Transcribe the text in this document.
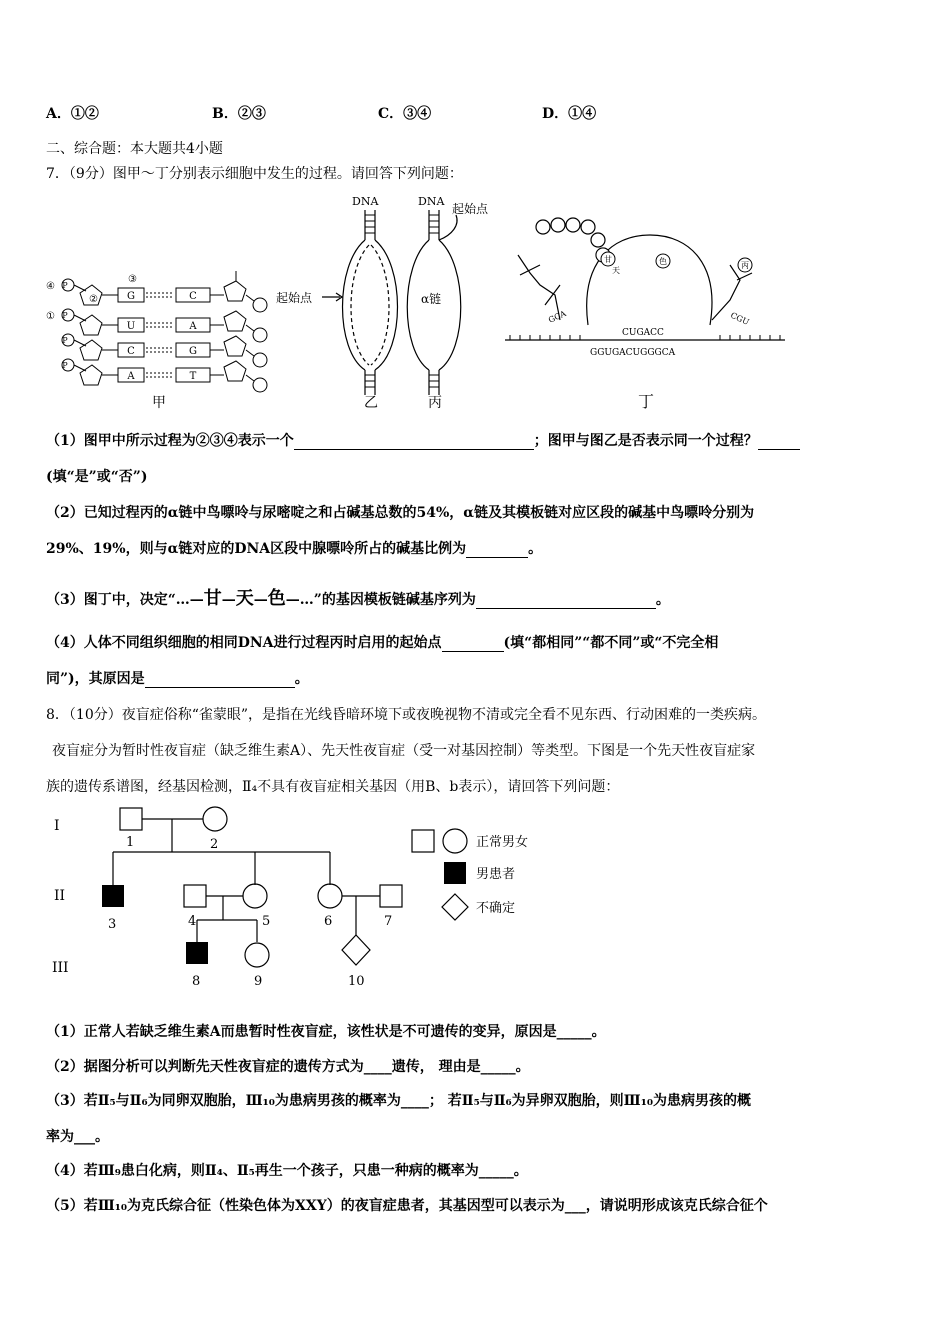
A．①②	B．②③	C．③④	D．①④
二、综合题：本大题共4小题
7．（9分）图甲～丁分别表示细胞中发生的过程。请回答下列问题：
④
①
③
②
P
P
P
P
G
U
C
A
C
A
G
T
甲
DNA
起始点
乙
DNA
起始点
α链
丙
甘
天
色	丙
GCA	CGU
CUGACC
GGUGACUGGGCA
丁
（1）图甲中所示过程为②③④表示一个	；图甲与图乙是否表示同一个过程？
(填“是”或“否”)
（2）已知过程丙的α链中鸟嘌呤与尿嘧啶之和占碱基总数的54%，α链及其模板链对应区段的碱基中鸟嘌呤分别为
29%、19%，则与α链对应的DNA区段中腺嘌呤所占的碱基比例为	。
（3）图丁中，决定“…—甘—天—色—…”的基因模板链碱基序列为	。
（4）人体不同组织细胞的相同DNA进行过程丙时启用的起始点	(填“都相同”“都不同”或“不完全相
同”)，其原因是	。
8．（10分）夜盲症俗称“雀蒙眼”，是指在光线昏暗环境下或夜晚视物不清或完全看不见东西、行动困难的一类疾病。
夜盲症分为暂时性夜盲症（缺乏维生素A）、先天性夜盲症（受一对基因控制）等类型。下图是一个先天性夜盲症家
族的遗传系谱图，经基因检测，Ⅱ₄不具有夜盲症相关基因（用B、b表示），请回答下列问题：
I
II
III
1	2
3	4	5	6	7
8	9	10
正常男女
男患者
不确定
（1）正常人若缺乏维生素A而患暂时性夜盲症，该性状是不可遗传的变异，原因是_____。
（2）据图分析可以判断先天性夜盲症的遗传方式为____遗传， 理由是_____。
（3）若Ⅱ₅与Ⅱ₆为同卵双胞胎，Ⅲ₁₀为患病男孩的概率为____； 若Ⅱ₅与Ⅱ₆为异卵双胞胎，则Ⅲ₁₀为患病男孩的概
率为___。
（4）若Ⅲ₉患白化病，则Ⅱ₄、Ⅱ₅再生一个孩子，只患一种病的概率为_____。
（5）若Ⅲ₁₀为克氏综合征（性染色体为XXY）的夜盲症患者，其基因型可以表示为___，请说明形成该克氏综合征个
